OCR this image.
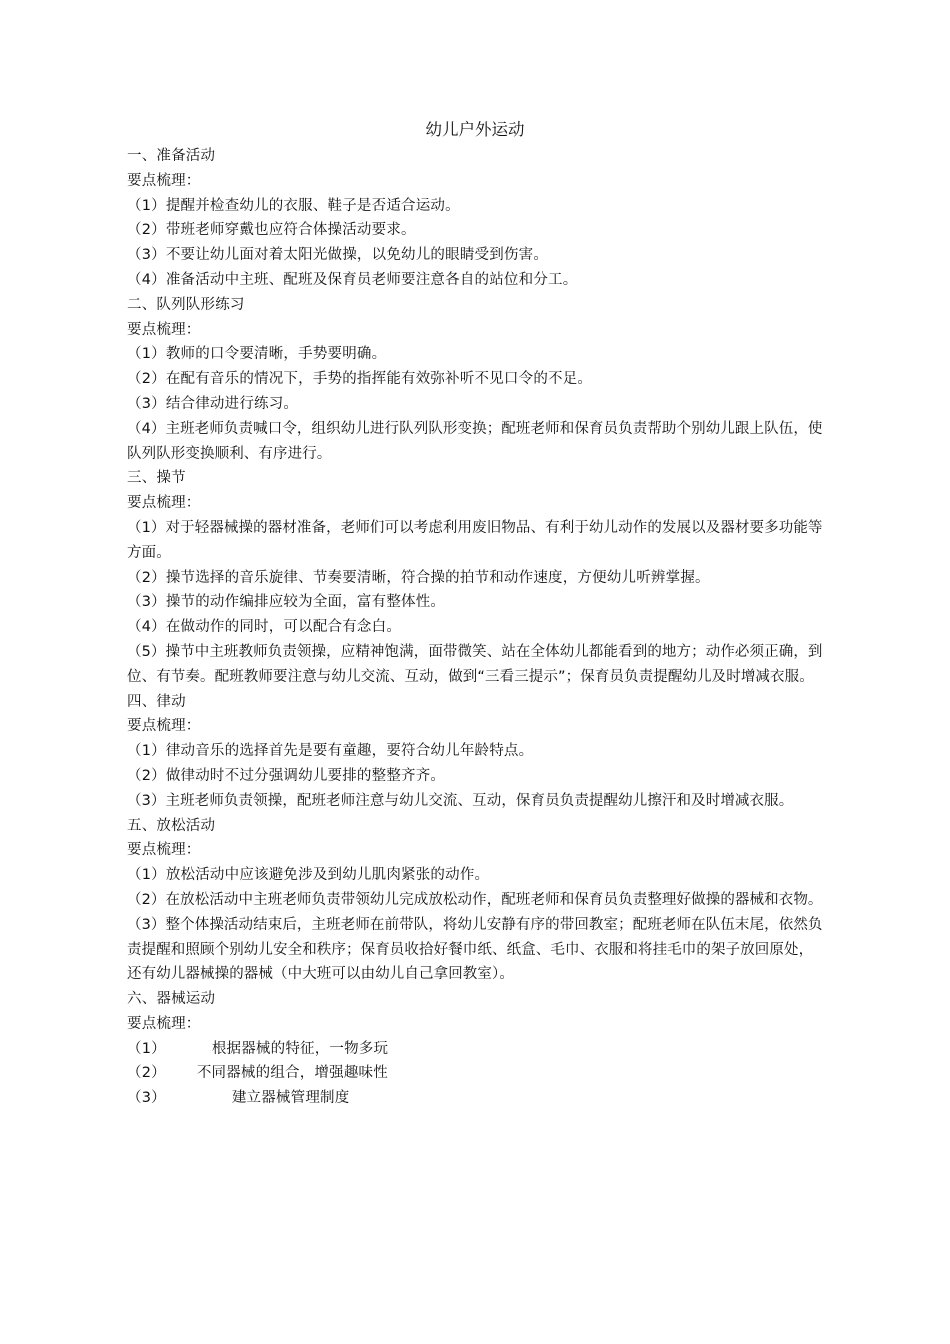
幼儿户外运动
一、准备活动
要点梳理：
（1）提醒并检查幼儿的衣服、鞋子是否适合运动。
（2）带班老师穿戴也应符合体操活动要求。
（3）不要让幼儿面对着太阳光做操，以免幼儿的眼睛受到伤害。
（4）准备活动中主班、配班及保育员老师要注意各自的站位和分工。
二、队列队形练习
要点梳理：
（1）教师的口令要清晰，手势要明确。
（2）在配有音乐的情况下，手势的指挥能有效弥补听不见口令的不足。
（3）结合律动进行练习。
（4）主班老师负责喊口令，组织幼儿进行队列队形变换；配班老师和保育员负责帮助个别幼儿跟上队伍，使队列队形变换顺利、有序进行。
三、操节
要点梳理：
（1）对于轻器械操的器材准备，老师们可以考虑利用废旧物品、有利于幼儿动作的发展以及器材要多功能等方面。
（2）操节选择的音乐旋律、节奏要清晰，符合操的拍节和动作速度，方便幼儿听辨掌握。
（3）操节的动作编排应较为全面，富有整体性。
（4）在做动作的同时，可以配合有念白。
（5）操节中主班教师负责领操，应精神饱满，面带微笑、站在全体幼儿都能看到的地方；动作必须正确，到位、有节奏。配班教师要注意与幼儿交流、互动，做到“三看三提示”；保育员负责提醒幼儿及时增减衣服。
四、律动
要点梳理：
（1）律动音乐的选择首先是要有童趣，要符合幼儿年龄特点。
（2）做律动时不过分强调幼儿要排的整整齐齐。
（3）主班老师负责领操，配班老师注意与幼儿交流、互动，保育员负责提醒幼儿擦汗和及时增减衣服。
五、放松活动
要点梳理：
（1）放松活动中应该避免涉及到幼儿肌肉紧张的动作。
（2）在放松活动中主班老师负责带领幼儿完成放松动作，配班老师和保育员负责整理好做操的器械和衣物。
（3）整个体操活动结束后，主班老师在前带队，将幼儿安静有序的带回教室；配班老师在队伍末尾，依然负责提醒和照顾个别幼儿安全和秩序；保育员收拾好餐巾纸、纸盒、毛巾、衣服和将挂毛巾的架子放回原处，还有幼儿器械操的器械（中大班可以由幼儿自己拿回教室）。
六、器械运动
要点梳理：
（1）	根据器械的特征，一物多玩
（2） 不同器械的组合，增强趣味性
（3）	建立器械管理制度
